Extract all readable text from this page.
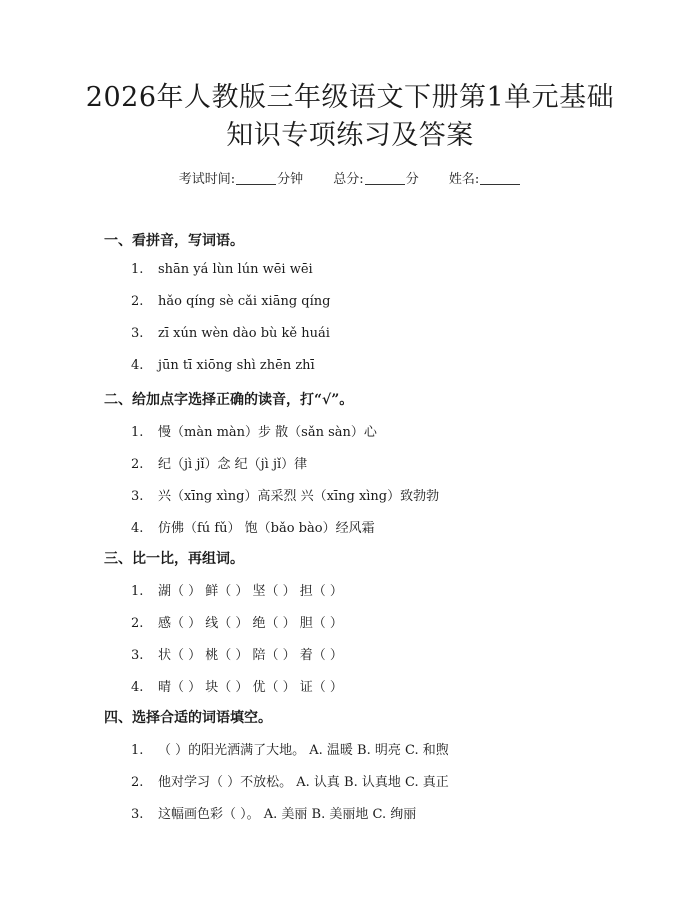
2026年人教版三年级语文下册第1单元基础
知识专项练习及答案
考试时间:	分钟 总分:	分 姓名:
一、看拼音，写词语。
1. shān yá lùn lún wēi wēi
2. hǎo qíng sè cǎi xiāng qíng
3. zī xún wèn dào bù kě huái
4. jūn tī xiōng shì zhēn zhī
二、给加点字选择正确的读音，打“√”。
1. 慢（màn màn）步 散（sǎn sàn）心
2. 纪（jì jǐ）念 纪（jì jǐ）律
3. 兴（xīng xìng）高采烈 兴（xīng xìng）致勃勃
4. 仿佛（fú fǔ） 饱（bǎo bào）经风霜
三、比一比，再组词。
1. 湖（ ） 鲜（ ） 坚（ ） 担（ ）
2. 感（ ） 线（ ） 绝（ ） 胆（ ）
3. 状（ ） 桃（ ） 陪（ ） 着（ ）
4. 晴（ ） 块（ ） 优（ ） 证（ ）
四、选择合适的词语填空。
1. （ ）的阳光洒满了大地。 A. 温暖 B. 明亮 C. 和煦
2. 他对学习（ ）不放松。 A. 认真 B. 认真地 C. 真正
3. 这幅画色彩（ ）。 A. 美丽 B. 美丽地 C. 绚丽
